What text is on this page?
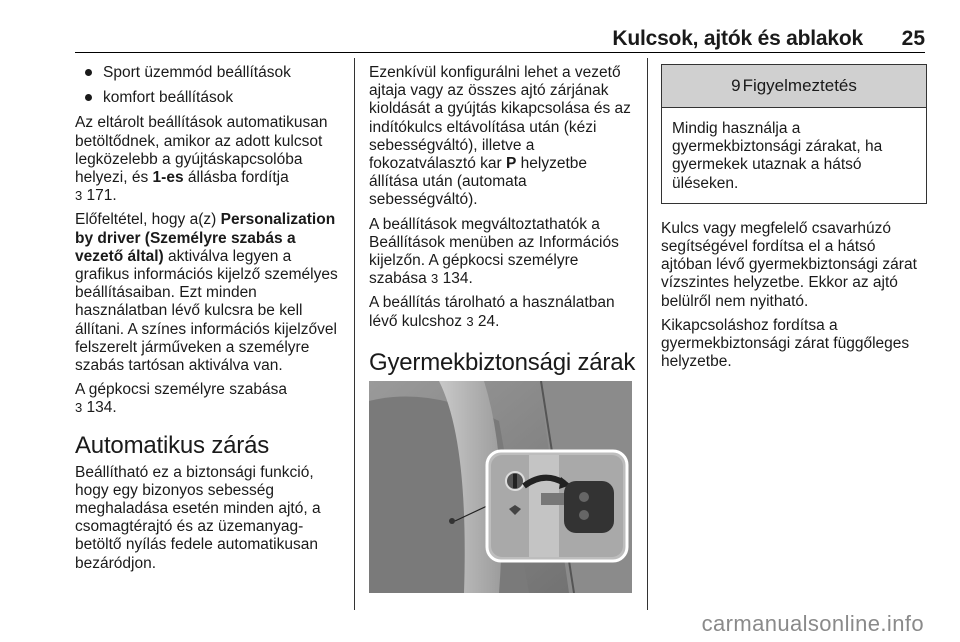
Kulcsok, ajtók és ablakok 25
Sport üzemmód beállítások
komfort beállítások

Az eltárolt beállítások automatikusan betöltődnek, amikor az adott kulcsot legközelebb a gyújtáskapcsolóba helyezi, és 1-es állásba fordítja
3 171.

Előfeltétel, hogy a(z) Personalization by driver (Személyre szabás a vezető által) aktiválva legyen a grafikus információs kijelző személyes beállításaiban. Ezt minden használatban lévő kulcsra be kell állítani. A színes információs kijelzővel felszerelt járműveken a személyre szabás tartósan aktiválva van.

A gépkocsi személyre szabása
3 134.

Automatikus zárás

Beállítható ez a biztonsági funkció, hogy egy bizonyos sebesség meghaladása esetén minden ajtó, a csomagtérajtó és az üzemanyag-betöltő nyílás fedele automatikusan bezáródjon.

Ezenkívül konfigurálni lehet a vezető ajtaja vagy az összes ajtó zárjának kioldását a gyújtás kikapcsolása és az indítókulcs eltávolítása után (kézi sebességváltó), illetve a fokozatválasztó kar P helyzetbe állítása után (automata sebességváltó).

A beállítások megváltoztathatók a Beállítások menüben az Információs kijelzőn. A gépkocsi személyre szabása 3 134.

A beállítás tárolható a használatban lévő kulcshoz 3 24.

Gyermekbiztonsági zárak
9 Figyelmeztetés
Mindig használja a gyermekbiztonsági zárakat, ha gyermekek utaznak a hátsó üléseken.

Kulcs vagy megfelelő csavarhúzó segítségével fordítsa el a hátsó ajtóban lévő gyermekbiztonsági zárat vízszintes helyzetbe. Ekkor az ajtó belülről nem nyitható.

Kikapcsoláshoz fordítsa a gyermekbiztonsági zárat függőleges helyzetbe.

carmanualsonline.info
